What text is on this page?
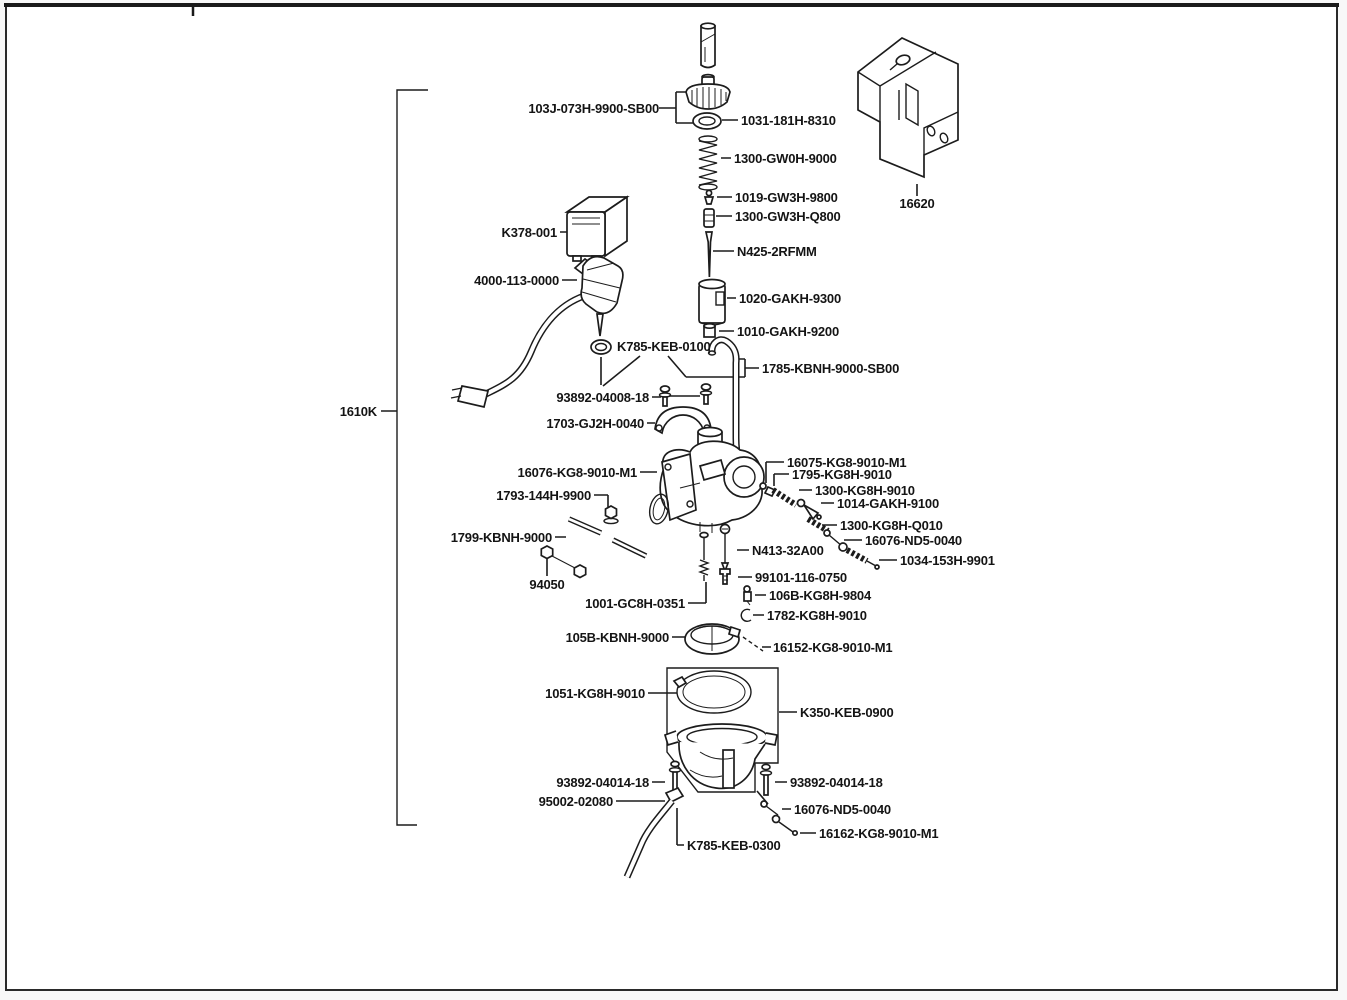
1610K
103J-073H-9900-SB00
1031-181H-8310
1300-GW0H-9000
1019-GW3H-9800
1300-GW3H-Q800
N425-2RFMM
K378-001
4000-113-0000
1020-GAKH-9300
1010-GAKH-9200
K785-KEB-0100
1785-KBNH-9000-SB00
93892-04008-18
1703-GJ2H-0040
16076-KG8-9010-M1
1793-144H-9900
1799-KBNH-9000
94050
1001-GC8H-0351
N413-32A00
99101-116-0750
16075-KG8-9010-M1
1795-KG8H-9010
1300-KG8H-9010
1014-GAKH-9100
1300-KG8H-Q010
16076-ND5-0040
1034-153H-9901
106B-KG8H-9804
1782-KG8H-9010
105B-KBNH-9000
16152-KG8-9010-M1
1051-KG8H-9010
K350-KEB-0900
93892-04014-18	93892-04014-18
95002-02080
16076-ND5-0040
16162-KG8-9010-M1
K785-KEB-0300
16620
